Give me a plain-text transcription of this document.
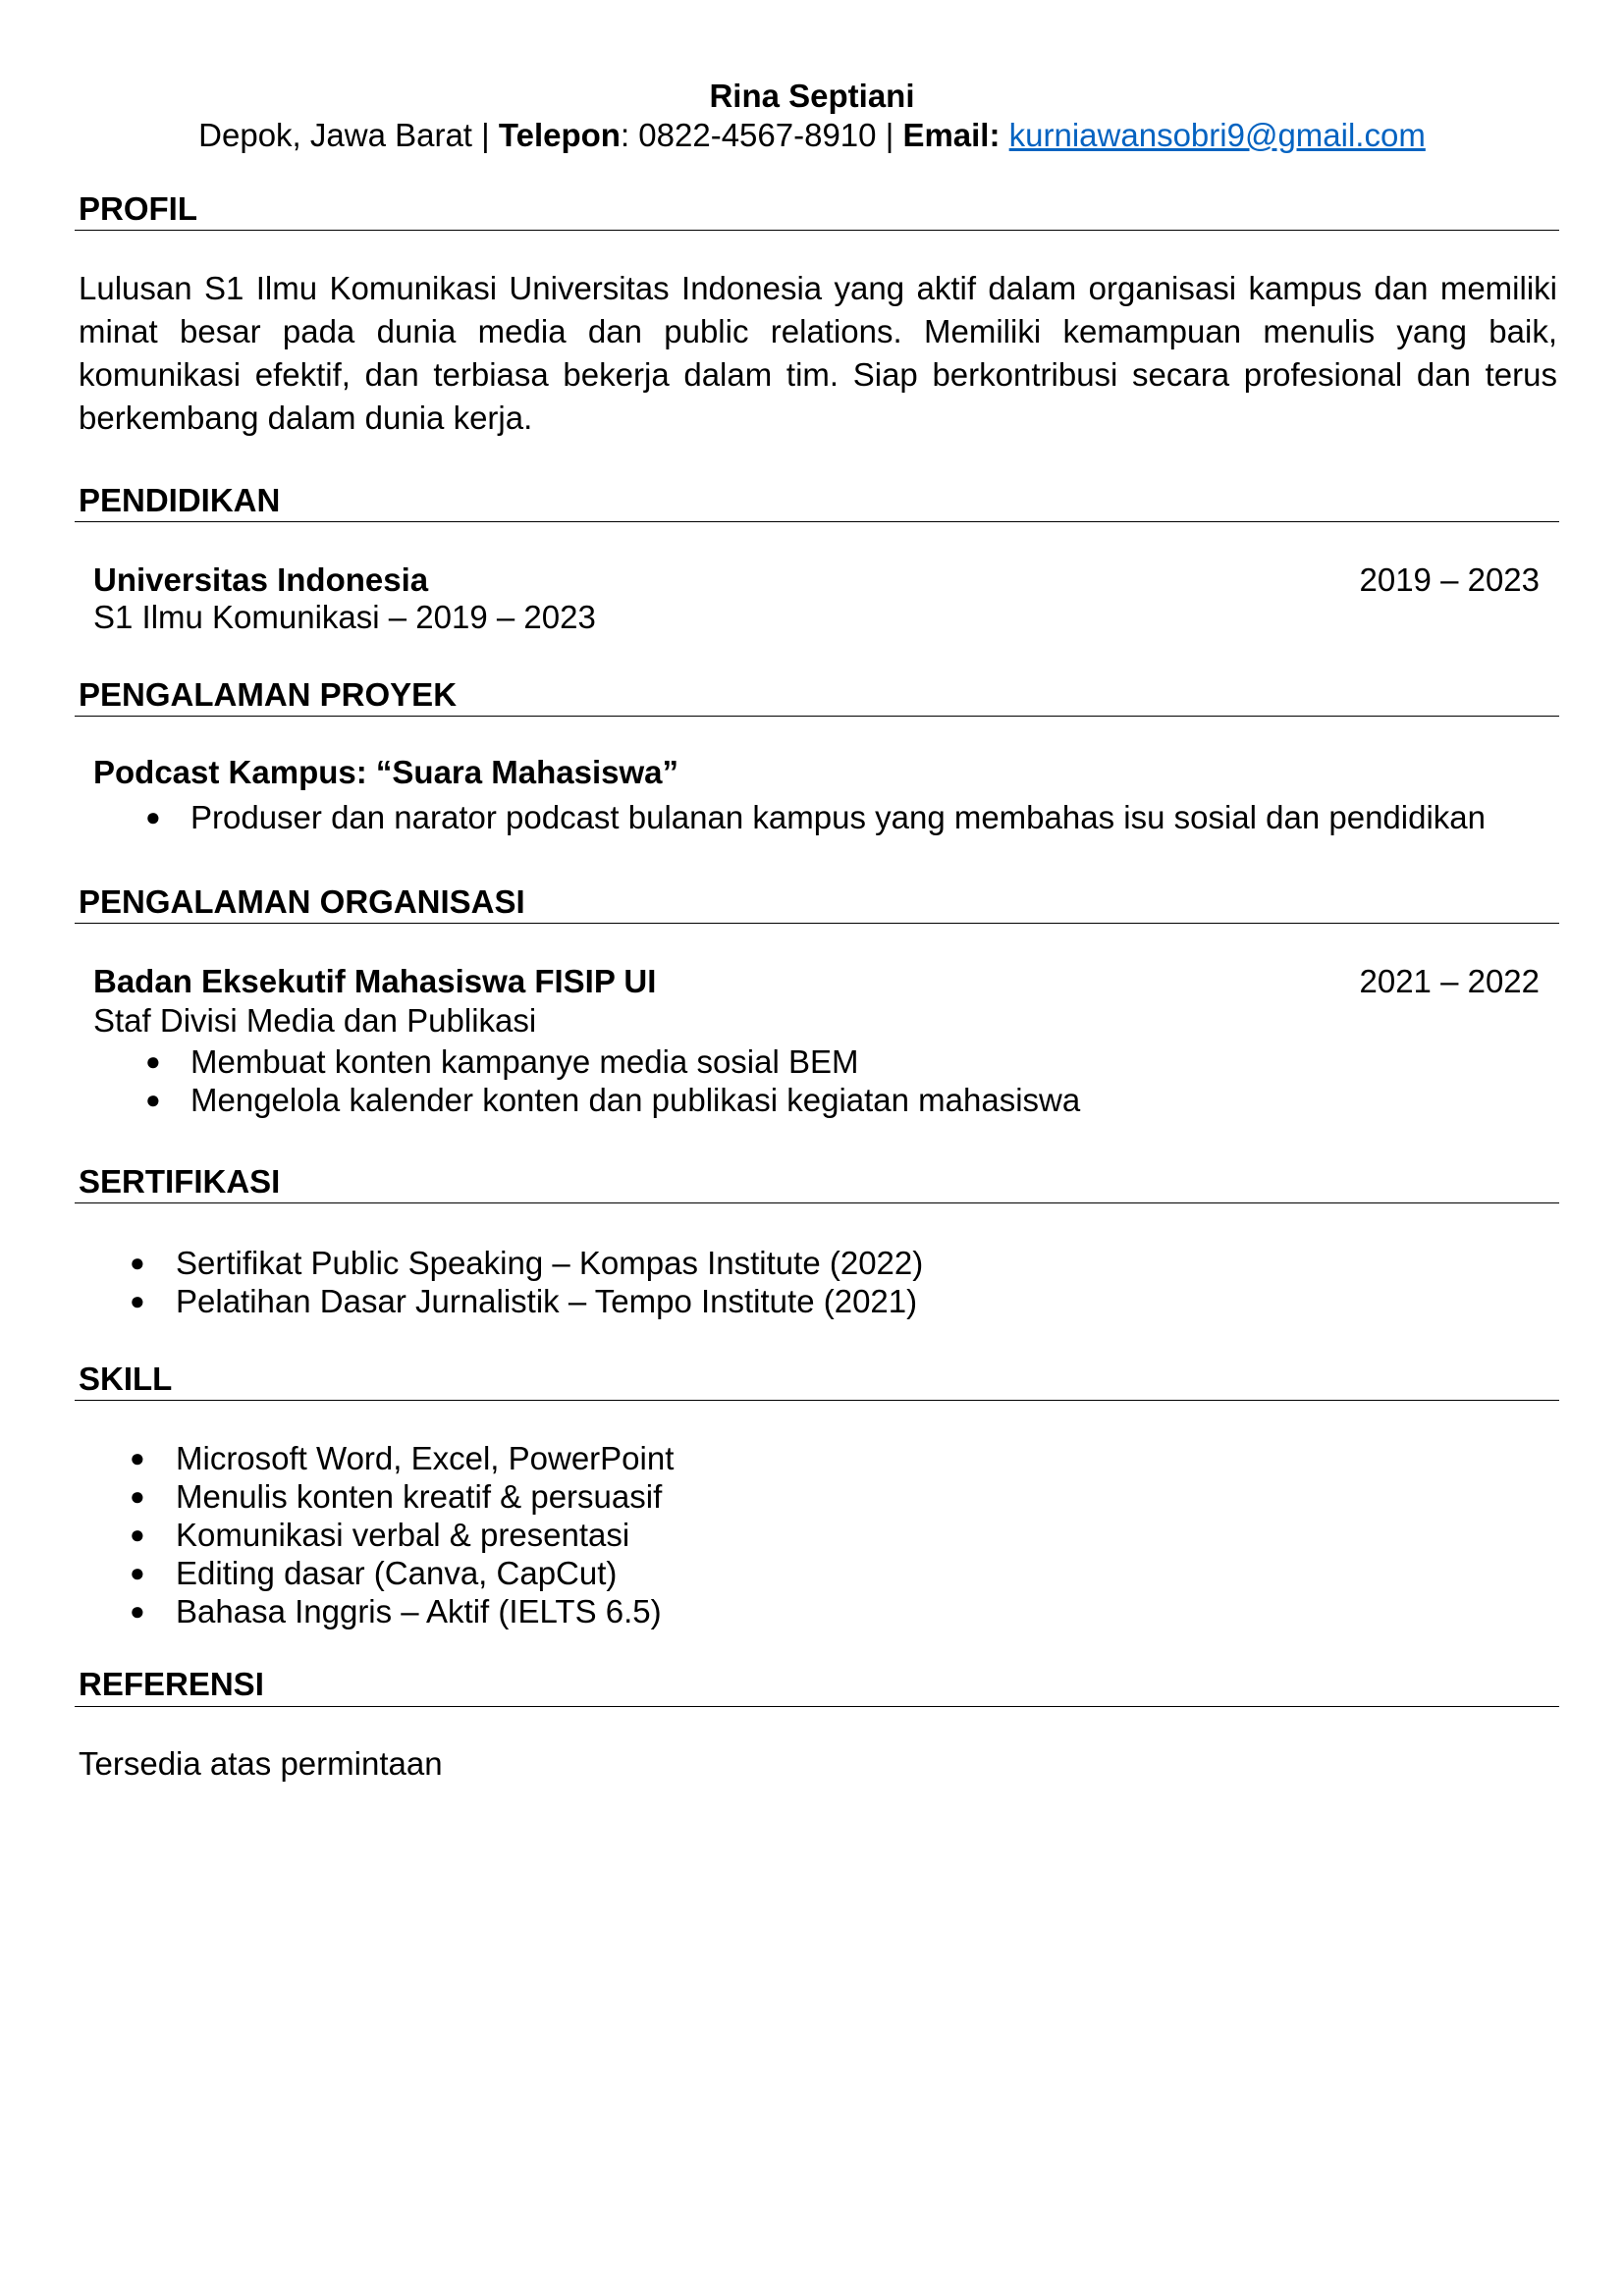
Rina Septiani
Depok, Jawa Barat | Telepon: 0822-4567-8910 | Email: kurniawansobri9@gmail.com
PROFIL
Lulusan S1 Ilmu Komunikasi Universitas Indonesia yang aktif dalam organisasi kampus dan memiliki minat besar pada dunia media dan public relations. Memiliki kemampuan menulis yang baik, komunikasi efektif, dan terbiasa bekerja dalam tim. Siap berkontribusi secara profesional dan terus berkembang dalam dunia kerja.
PENDIDIKAN
Universitas Indonesia	2019 – 2023
S1 Ilmu Komunikasi – 2019 – 2023
PENGALAMAN PROYEK
Podcast Kampus: “Suara Mahasiswa”
● Produser dan narator podcast bulanan kampus yang membahas isu sosial dan pendidikan
PENGALAMAN ORGANISASI
Badan Eksekutif Mahasiswa FISIP UI	2021 – 2022
Staf Divisi Media dan Publikasi
● Membuat konten kampanye media sosial BEM
● Mengelola kalender konten dan publikasi kegiatan mahasiswa
SERTIFIKASI
● Sertifikat Public Speaking – Kompas Institute (2022)
● Pelatihan Dasar Jurnalistik – Tempo Institute (2021)
SKILL
● Microsoft Word, Excel, PowerPoint
● Menulis konten kreatif & persuasif
● Komunikasi verbal & presentasi
● Editing dasar (Canva, CapCut)
● Bahasa Inggris – Aktif (IELTS 6.5)
REFERENSI
Tersedia atas permintaan
